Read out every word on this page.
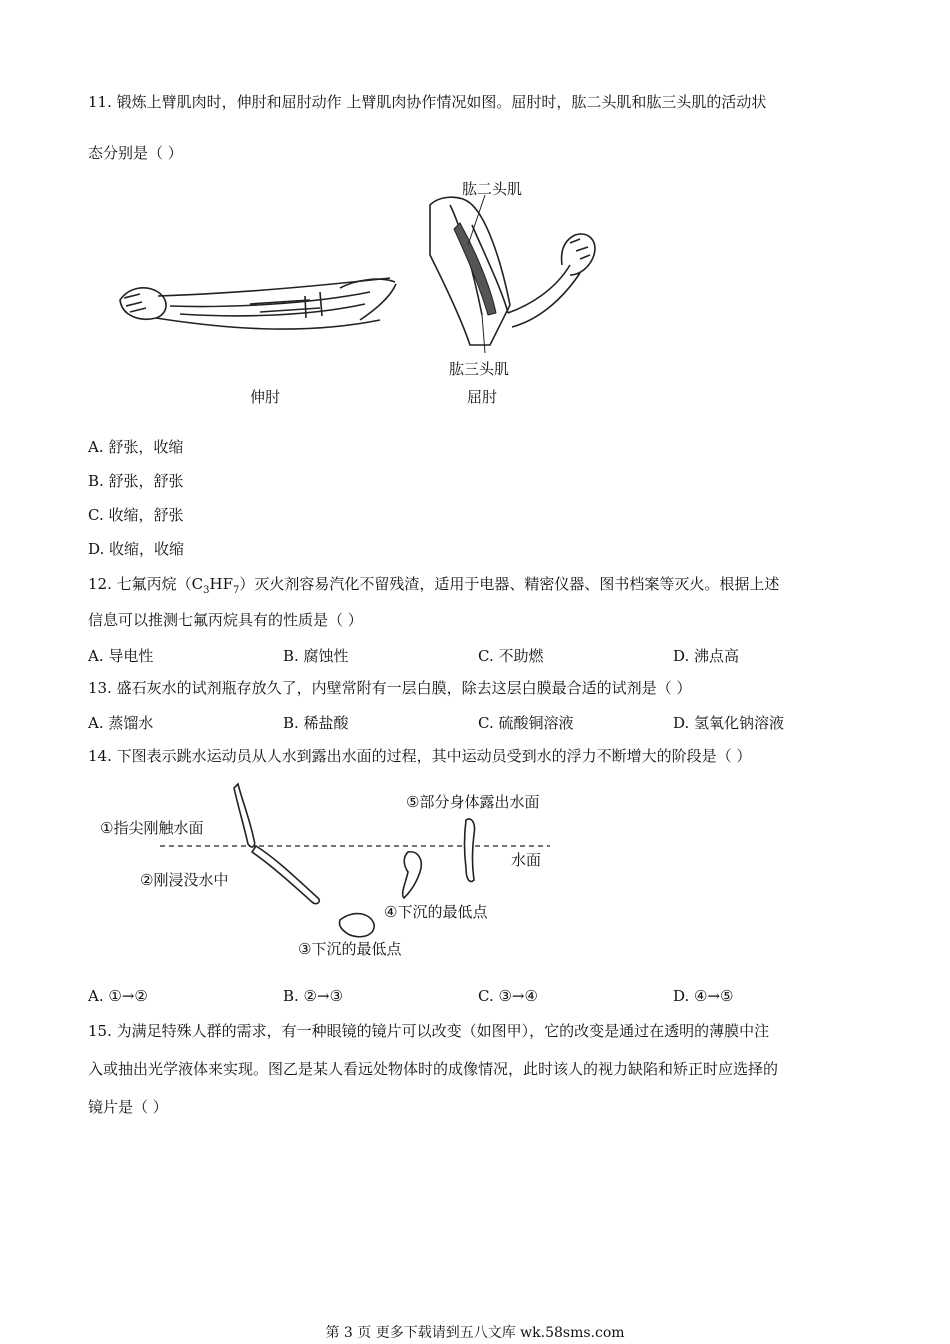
11. 锻炼上臂肌肉时，伸肘和屈肘动作 上臂肌肉协作情况如图。屈肘时，肱二头肌和肱三头肌的活动状
态分别是（ ）
肱二头肌
肱三头肌
伸肘	屈肘
A. 舒张，收缩
B. 舒张，舒张
C. 收缩，舒张
D. 收缩，收缩
12. 七氟丙烷$(C_3HF_7)$灭火剂容易汽化不留残渣，适用于电器、精密仪器、图书档案等灭火。根据上述
信息可以推测七氟丙烷具有的性质是（ ）
A. 导电性	B. 腐蚀性	C. 不助燃	D. 沸点高
13. 盛石灰水的试剂瓶存放久了，内壁常附有一层白膜，除去这层白膜最合适的试剂是（ ）
A. 蒸馏水	B. 稀盐酸	C. 硫酸铜溶液	D. 氢氧化钠溶液
14. 下图表示跳水运动员从人水到露出水面的过程，其中运动员受到水的浮力不断增大的阶段是（ ）
①指尖刚触水面
②刚浸没水中
③下沉的最低点
④下沉的最低点
⑤部分身体露出水面
水面
A. ①→②	B. ②→③	C. ③→④	D. ④→⑤
15. 为满足特殊人群的需求，有一种眼镜的镜片可以改变（如图甲），它的改变是通过在透明的薄膜中注
入或抽出光学液体来实现。图乙是某人看远处物体时的成像情况，此时该人的视力缺陷和矫正时应选择的
镜片是（ ）
第 3 页 更多下载请到五八文库 wk.58sms.com
